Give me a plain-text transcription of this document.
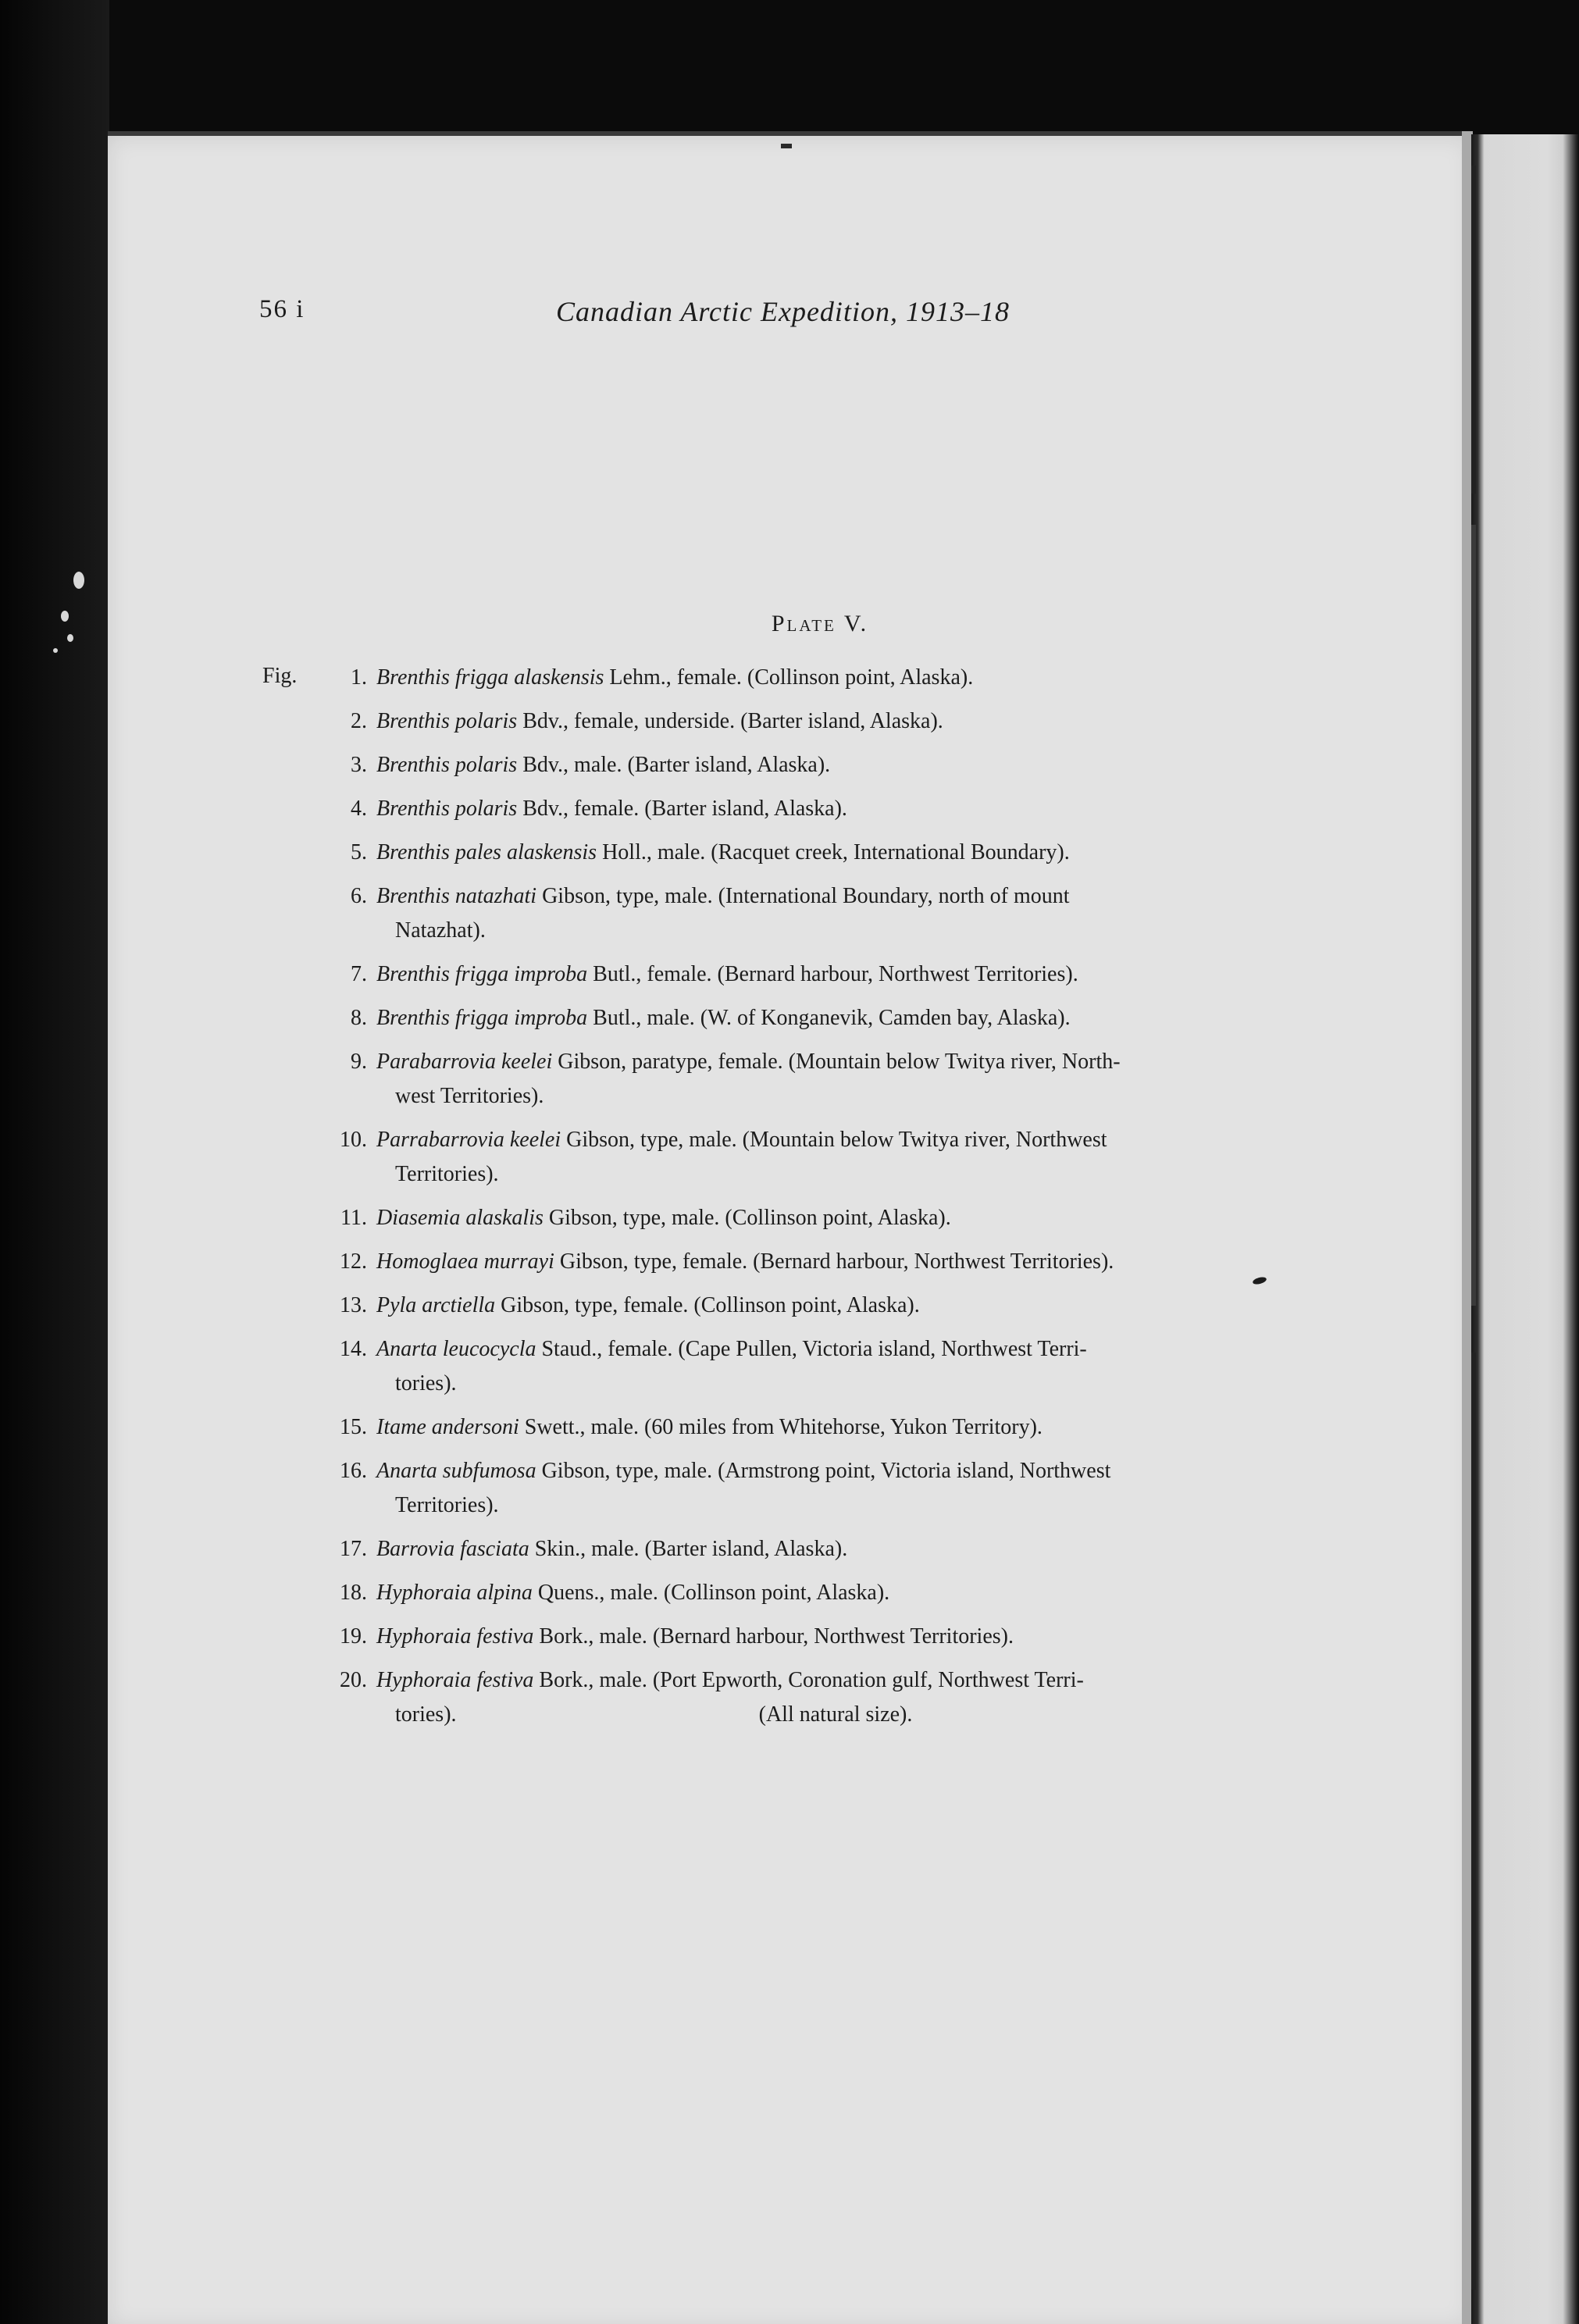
56 i	Canadian Arctic Expedition, 1913–18
Plate V.
Fig.	1. Brenthis frigga alaskensis Lehm., female. (Collinson point, Alaska).
2. Brenthis polaris Bdv., female, underside. (Barter island, Alaska).
3. Brenthis polaris Bdv., male. (Barter island, Alaska).
4. Brenthis polaris Bdv., female. (Barter island, Alaska).
5. Brenthis pales alaskensis Holl., male. (Racquet creek, International Boundary).
6. Brenthis natazhati Gibson, type, male. (International Boundary, north of mount
Natazhat).
7. Brenthis frigga improba Butl., female. (Bernard harbour, Northwest Territories).
8. Brenthis frigga improba Butl., male. (W. of Konganevik, Camden bay, Alaska).
9. Parabarrovia keelei Gibson, paratype, female. (Mountain below Twitya river, North-
west Territories).
10. Parrabarrovia keelei Gibson, type, male. (Mountain below Twitya river, Northwest
Territories).
11. Diasemia alaskalis Gibson, type, male. (Collinson point, Alaska).
12. Homoglaea murrayi Gibson, type, female. (Bernard harbour, Northwest Territories).
13. Pyla arctiella Gibson, type, female. (Collinson point, Alaska).
14. Anarta leucocycla Staud., female. (Cape Pullen, Victoria island, Northwest Terri-
tories).
15. Itame andersoni Swett., male. (60 miles from Whitehorse, Yukon Territory).
16. Anarta subfumosa Gibson, type, male. (Armstrong point, Victoria island, Northwest
Territories).
17. Barrovia fasciata Skin., male. (Barter island, Alaska).
18. Hyphoraia alpina Quens., male. (Collinson point, Alaska).
19. Hyphoraia festiva Bork., male. (Bernard harbour, Northwest Territories).
20. Hyphoraia festiva Bork., male. (Port Epworth, Coronation gulf, Northwest Terri-
tories).	(All natural size).
